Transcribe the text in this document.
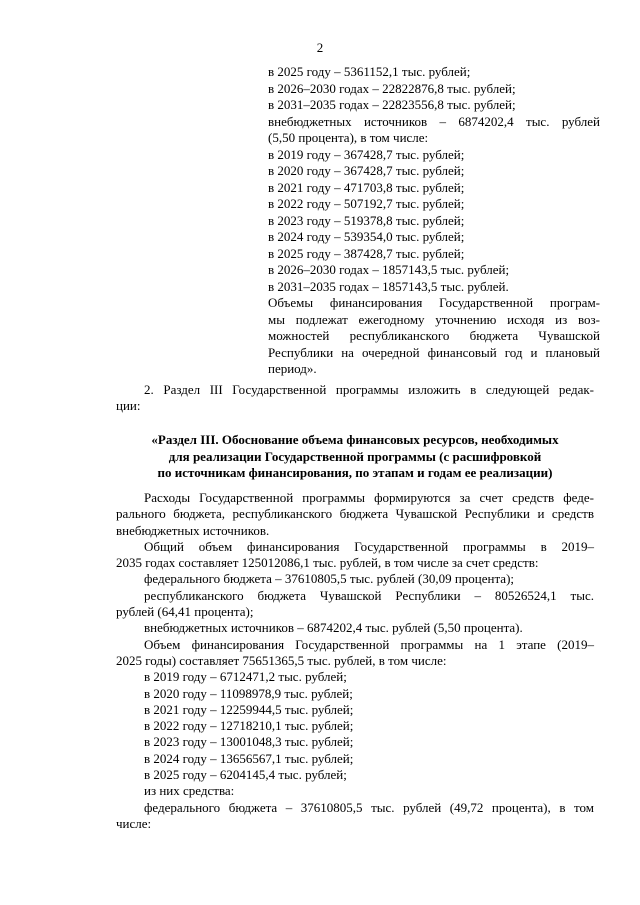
2
в 2025 году – 5361152,1 тыс. рублей;
в 2026–2030 годах – 22822876,8 тыс. рублей;
в 2031–2035 годах – 22823556,8 тыс. рублей;
внебюджетных источников – 6874202,4 тыс. рублей
(5,50 процента), в том числе:
в 2019 году – 367428,7 тыс. рублей;
в 2020 году – 367428,7 тыс. рублей;
в 2021 году – 471703,8 тыс. рублей;
в 2022 году – 507192,7 тыс. рублей;
в 2023 году – 519378,8 тыс. рублей;
в 2024 году – 539354,0 тыс. рублей;
в 2025 году – 387428,7 тыс. рублей;
в 2026–2030 годах – 1857143,5 тыс. рублей;
в 2031–2035 годах – 1857143,5 тыс. рублей.
Объемы финансирования Государственной програм-
мы подлежат ежегодному уточнению исходя из воз-
можностей республиканского бюджета Чувашской
Республики на очередной финансовый год и плановый
период».
2. Раздел III Государственной программы изложить в следующей редак-
ции:
«Раздел III. Обоснование объема финансовых ресурсов, необходимых
для реализации Государственной программы (с расшифровкой
по источникам финансирования, по этапам и годам ее реализации)
Расходы Государственной программы формируются за счет средств феде-
рального бюджета, республиканского бюджета Чувашской Республики и средств
внебюджетных источников.
Общий объем финансирования Государственной программы в 2019–
2035 годах составляет 125012086,1 тыс. рублей, в том числе за счет средств:
федерального бюджета – 37610805,5 тыс. рублей (30,09 процента);
республиканского бюджета Чувашской Республики – 80526524,1 тыс.
рублей (64,41 процента);
внебюджетных источников – 6874202,4 тыс. рублей (5,50 процента).
Объем финансирования Государственной программы на 1 этапе (2019–
2025 годы) составляет 75651365,5 тыс. рублей, в том числе:
в 2019 году – 6712471,2 тыс. рублей;
в 2020 году – 11098978,9 тыс. рублей;
в 2021 году – 12259944,5 тыс. рублей;
в 2022 году – 12718210,1 тыс. рублей;
в 2023 году – 13001048,3 тыс. рублей;
в 2024 году – 13656567,1 тыс. рублей;
в 2025 году – 6204145,4 тыс. рублей;
из них средства:
федерального бюджета – 37610805,5 тыс. рублей (49,72 процента), в том
числе:
